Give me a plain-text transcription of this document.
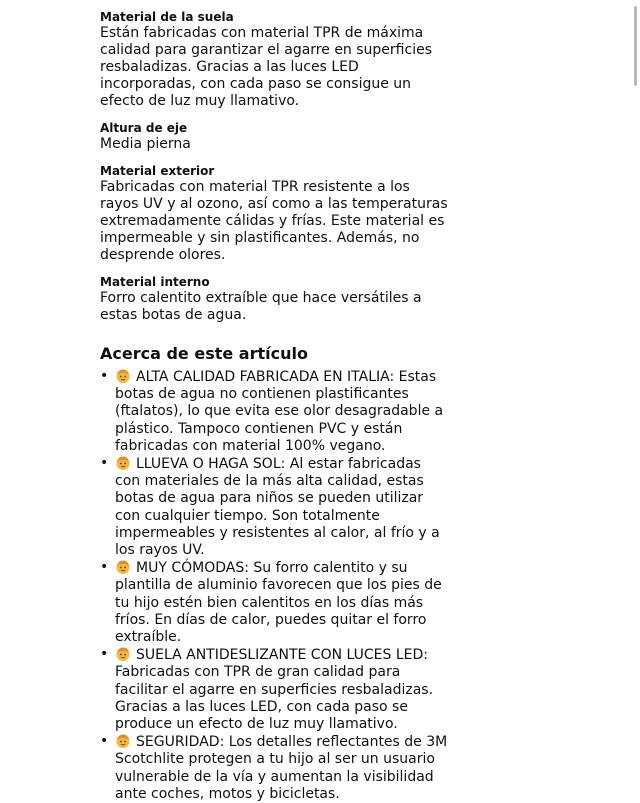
Material de la suela
Están fabricadas con material TPR de máxima calidad para garantizar el agarre en superficies resbaladizas. Gracias a las luces LED incorporadas, con cada paso se consigue un efecto de luz muy llamativo.
Altura de eje
Media pierna
Material exterior
Fabricadas con material TPR resistente a los rayos UV y al ozono, así como a las temperaturas extremadamente cálidas y frías. Este material es impermeable y sin plastificantes. Además, no desprende olores.
Material interno
Forro calentito extraíble que hace versátiles a estas botas de agua.
Acerca de este artículo
• ALTA CALIDAD FABRICADA EN ITALIA: Estas botas de agua no contienen plastificantes (ftalatos), lo que evita ese olor desagradable a plástico. Tampoco contienen PVC y están fabricadas con material 100% vegano.
• LLUEVA O HAGA SOL: Al estar fabricadas con materiales de la más alta calidad, estas botas de agua para niños se pueden utilizar con cualquier tiempo. Son totalmente impermeables y resistentes al calor, al frío y a los rayos UV.
• MUY CÓMODAS: Su forro calentito y su plantilla de aluminio favorecen que los pies de tu hijo estén bien calentitos en los días más fríos. En días de calor, puedes quitar el forro extraíble.
• SUELA ANTIDESLIZANTE CON LUCES LED: Fabricadas con TPR de gran calidad para facilitar el agarre en superficies resbaladizas. Gracias a las luces LED, con cada paso se produce un efecto de luz muy llamativo.
• SEGURIDAD: Los detalles reflectantes de 3M Scotchlite protegen a tu hijo al ser un usuario vulnerable de la vía y aumentan la visibilidad ante coches, motos y bicicletas.
